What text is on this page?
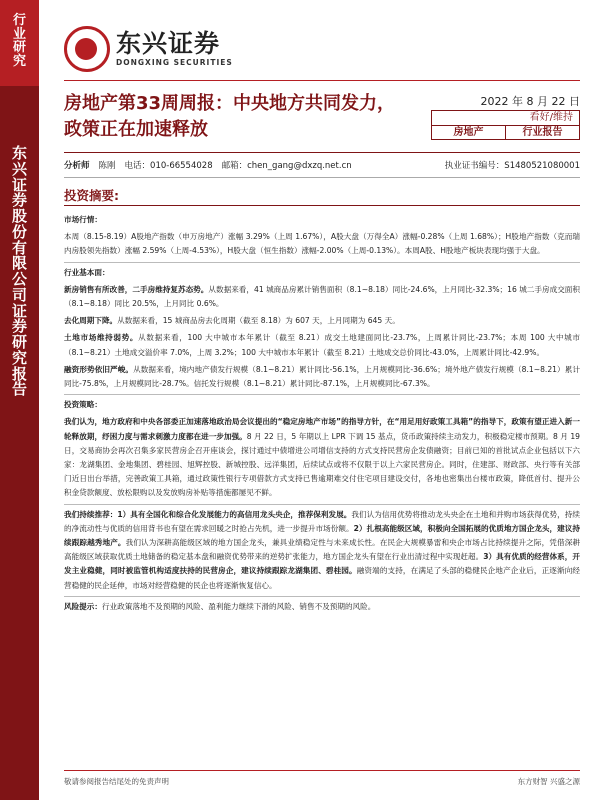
行
业
研
究
东
兴
证
券
股
份
有
限
公
司
证
券
研
究
报
告
东兴证券
DONGXING SECURITIES
房地产第33周周报：中央地方共同发力，
政策正在加速释放
2022 年 8 月 22 日
看好/维持
房地产	行业报告
分析师 陈刚 电话：010-66554028 邮箱：chen_gang@dxzq.net.cn	执业证书编号：S1480521080001
投资摘要:

市场行情：

本周（8.15-8.19）A股地产指数（申万房地产）涨幅 3.29%（上周 1.67%），A股大盘（万得全A）涨幅-0.28%（上周 1.68%）；H股地产指数（克而瑞内房股领先指数）涨幅 2.59%（上周-4.53%），H股大盘（恒生指数）涨幅-2.00%（上周-0.13%）。本周A股、H股地产板块表现均强于大盘。

行业基本面：

新房销售有所改善，二手房维持复苏态势。从数据来看，41 城商品房累计销售面积（8.1~8.18）同比-24.6%，上月同比-32.3%；16 城二手房成交面积（8.1~8.18）同比 20.5%，上月同比 0.6%。

去化周期下降。从数据来看，15 城商品房去化周期（截至 8.18）为 607 天，上月同期为 645 天。

土地市场维持弱势。从数据来看，100 大中城市本年累计（截至 8.21）成交土地建面同比-23.7%，上周累计同比-23.7%；本周 100 大中城市（8.1~8.21）土地成交溢价率 7.0%，上周 3.2%；100 大中城市本年累计（截至 8.21）土地成交总价同比-43.0%，上周累计同比-42.9%。

融资形势依旧严峻。从数据来看，境内地产债发行规模（8.1~8.21）累计同比-56.1%，上月规模同比-36.6%；境外地产债发行规模（8.1~8.21）累计同比-75.8%，上月规模同比-28.7%。信托发行规模（8.1~8.21）累计同比-87.1%，上月规模同比-67.3%。

投资策略：

我们认为，地方政府和中央各部委正加速落地政治局会议提出的“稳定房地产市场”的指导方针，在“用足用好政策工具箱”的指导下，政策有望正进入新一轮释放期，纾困力度与需求刺激力度都在进一步加强。8 月 22 日，5 年期以上 LPR 下调 15 基点，货币政策持续主动发力，积极稳定楼市预期。8 月 19 日，交易商协会再次召集多家民营房企召开座谈会，探讨通过中债增进公司增信支持的方式支持民营房企发债融资；目前已知的首批试点企业包括以下六家：龙湖集团、金地集团、碧桂园、旭辉控股、新城控股、远洋集团，后续试点或将不仅限于以上六家民营房企。同时，住建部、财政部、央行等有关部门近日出台举措，完善政策工具箱，通过政策性银行专项借款方式支持已售逾期难交付住宅项目建设交付，各地也密集出台楼市政策，降低首付、提升公积金贷款额度、放松限购以及发放购房补贴等措施都屡见不鲜。

我们持续推荐：1）具有全国化和综合化发展能力的高信用龙头央企，推荐保利发展。我们认为信用优势将推动龙头央企在土地和并购市场获得优势，持续的净流动性与优质的信用背书也有望在需求回暖之时抢占先机，进一步提升市场份额。2）扎根高能级区域，积极向全国拓展的优质地方国企龙头，建议持续跟踪越秀地产。我们认为深耕高能级区域的地方国企龙头，兼具业绩稳定性与未来成长性。在民企大规模暴雷和央企市场占比持续提升之际，凭借深耕高能级区域获取优质土地储备的稳定基本盘和融资优势带来的逆势扩张能力，地方国企龙头有望在行业出清过程中实现赶超。3）具有优质的经营体系，开发主业稳健，同时被监管机构适度扶持的民营房企，建议持续跟踪龙湖集团、碧桂园。融资端的支持，在满足了头部的稳健民企地产企业后，正逐渐向经营稳健的民企延伸，市场对经营稳健的民企也将逐渐恢复信心。

风险提示：行业政策落地不及预期的风险、盈利能力继续下滑的风险、销售不及预期的风险。

敬请参阅报告结尾处的免责声明	东方财智 兴盛之源
